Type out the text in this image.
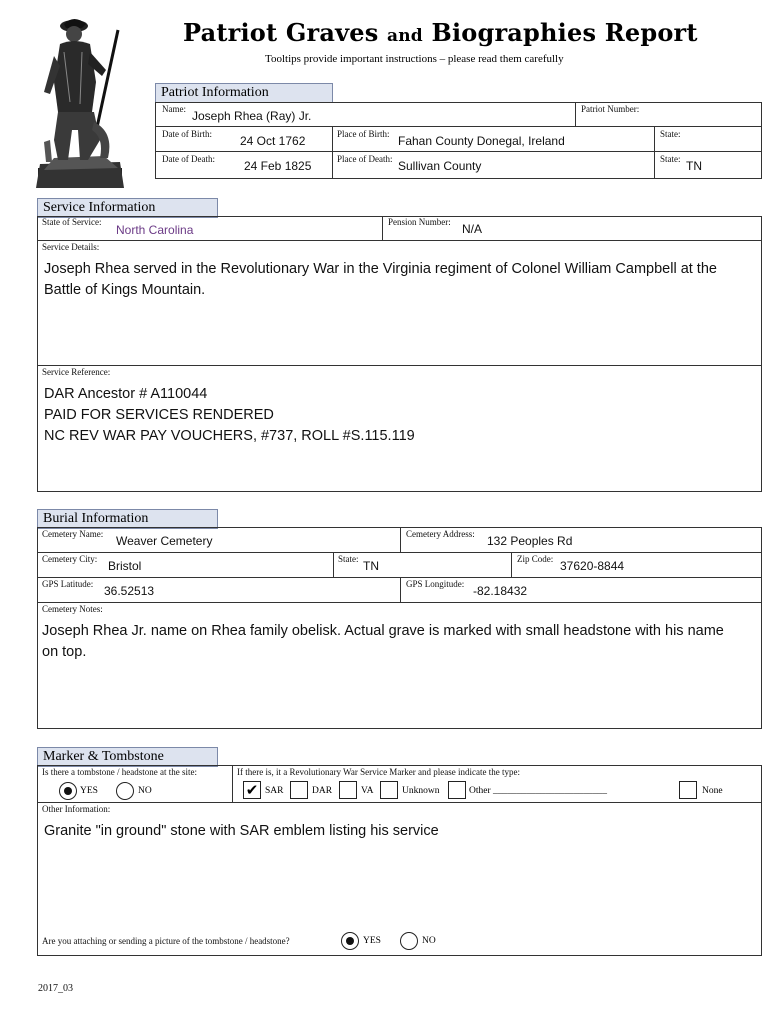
Patriot Graves and Biographies Report
Tooltips provide important instructions – please read them carefully
Patriot Information
Name: Joseph Rhea (Ray) Jr.	Patriot Number:
Date of Birth: 24 Oct 1762	Place of Birth: Fahan County Donegal, Ireland	State:
Date of Death: 24 Feb 1825	Place of Death: Sullivan County	State: TN
Service Information
State of Service:
North Carolina
Pension Number: N/A
Service Details:
Joseph Rhea served in the Revolutionary War in the Virginia regiment of Colonel William Campbell at the Battle of Kings Mountain.
Service Reference:
DAR Ancestor # A110044
PAID FOR SERVICES RENDERED
NC REV WAR PAY VOUCHERS, #737, ROLL #S.115.119
Burial Information
Cemetery Name: Weaver Cemetery	Cemetery Address: 132 Peoples Rd
Cemetery City: Bristol	State: TN	Zip Code: 37620-8844
GPS Latitude: 36.52513	GPS Longitude: -82.18432
Cemetery Notes:
Joseph Rhea Jr. name on Rhea family obelisk. Actual grave is marked with small headstone with his name on top.
Marker & Tombstone
Is there a tombstone / headstone at the site:
YES	NO
If there is, it a Revolutionary War Service Marker and please indicate the type:
✔ SAR	DAR	VA	Unknown	Other ________________________	None
Other Information:
Granite "in ground" stone with SAR emblem listing his service
Are you attaching or sending a picture of the tombstone / headstone?	YES	NO
2017_03
